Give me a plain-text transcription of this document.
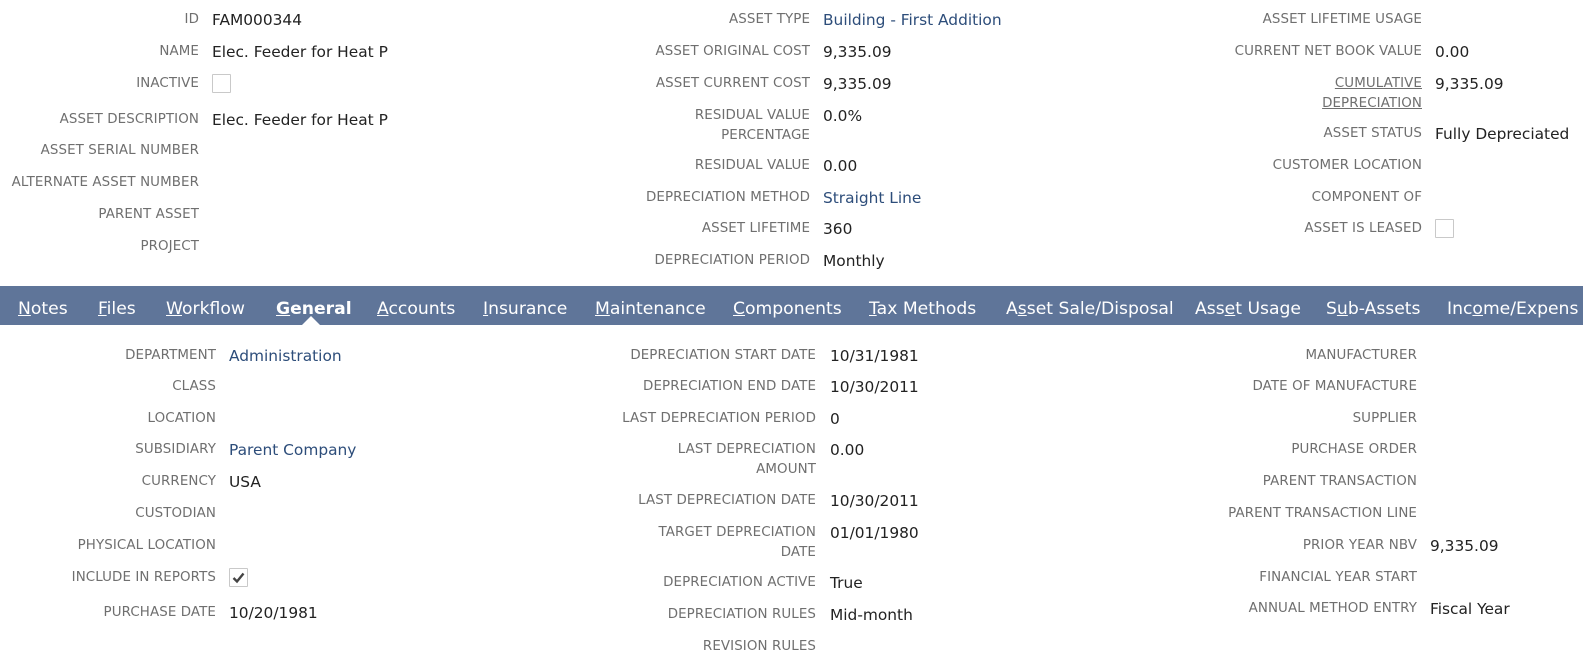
ID FAM000344
NAME Elec. Feeder for Heat P
INACTIVE
ASSET DESCRIPTION Elec. Feeder for Heat P
ASSET SERIAL NUMBER
ALTERNATE ASSET NUMBER
PARENT ASSET
PROJECT
ASSET TYPE Building - First Addition
ASSET ORIGINAL COST 9,335.09
ASSET CURRENT COST 9,335.09
RESIDUAL VALUE
PERCENTAGE
0.0%
RESIDUAL VALUE 0.00
DEPRECIATION METHOD Straight Line
ASSET LIFETIME 360
DEPRECIATION PERIOD Monthly
ASSET LIFETIME USAGE
CURRENT NET BOOK VALUE 0.00
CUMULATIVE
DEPRECIATION
9,335.09
ASSET STATUS Fully Depreciated
CUSTOMER LOCATION
COMPONENT OF
ASSET IS LEASED
DEPARTMENT Administration
CLASS
LOCATION
SUBSIDIARY Parent Company
CURRENCY USA
CUSTODIAN
PHYSICAL LOCATION
INCLUDE IN REPORTS
PURCHASE DATE 10/20/1981
DEPRECIATION START DATE 10/31/1981
DEPRECIATION END DATE 10/30/2011
LAST DEPRECIATION PERIOD 0
LAST DEPRECIATION
AMOUNT
0.00
LAST DEPRECIATION DATE 10/30/2011
TARGET DEPRECIATION
DATE
01/01/1980
DEPRECIATION ACTIVE True
DEPRECIATION RULES Mid-month
REVISION RULES
MANUFACTURER
DATE OF MANUFACTURE
SUPPLIER
PURCHASE ORDER
PARENT TRANSACTION
PARENT TRANSACTION LINE
PRIOR YEAR NBV 9,335.09
FINANCIAL YEAR START
ANNUAL METHOD ENTRY Fiscal Year
Notes Files Workflow General Accounts Insurance Maintenance Components Tax Methods Asset Sale/Disposal Asset Usage Sub-Assets Income/Expens
